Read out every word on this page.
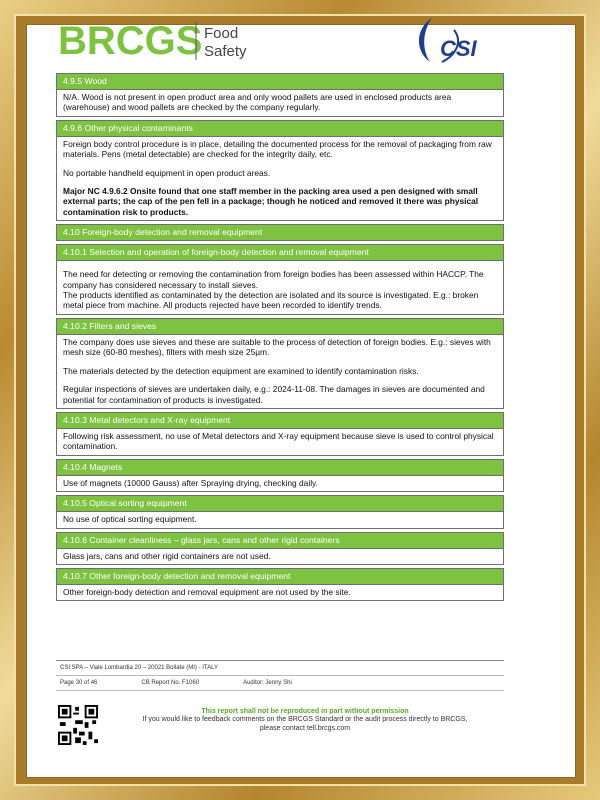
BRCGS Food
Safety	CSI
4.9.5 Wood

N/A. Wood is not present in open product area and only wood pallets are used in enclosed products area (warehouse) and wood pallets are checked by the company regularly.

4.9.6 Other physical contaminants

Foreign body control procedure is in place, detailing the documented process for the removal of packaging from raw materials. Pens (metal detectable) are checked for the integrity daily, etc.

No portable handheld equipment in open product areas.

Major NC 4.9.6.2 Onsite found that one staff member in the packing area used a pen designed with small external parts; the cap of the pen fell in a package; though he noticed and removed it there was physical contamination risk to products.

4.10 Foreign-body detection and removal equipment
4.10.1 Selection and operation of foreign-body detection and removal equipment

The need for detecting or removing the contamination from foreign bodies has been assessed within HACCP. The company has considered necessary to install sieves.

The products identified as contaminated by the detection are isolated and its source is investigated. E.g.: broken metal piece from machine. All products rejected have been recorded to identify trends.

4.10.2 Filters and sieves

The company does use sieves and these are suitable to the process of detection of foreign bodies. E.g.: sieves with mesh size (60-80 meshes), filters with mesh size 25µm.

The materials detected by the detection equipment are examined to identify contamination risks.

Regular inspections of sieves are undertaken daily, e.g.: 2024-11-08. The damages in sieves are documented and potential for contamination of products is investigated.

4.10.3 Metal detectors and X-ray equipment

Following risk assessment, no use of Metal detectors and X-ray equipment because sieve is used to control physical contamination.

4.10.4 Magnets

Use of magnets (10000 Gauss) after Spraying drying, checking daily.

4.10.5 Optical sorting equipment

No use of optical sorting equipment.

4.10.6 Container cleanliness – glass jars, cans and other rigid containers

Glass jars, cans and other rigid containers are not used.

4.10.7 Other foreign-body detection and removal equipment

Other foreign-body detection and removal equipment are not used by the site.

CSI SPA – Viale Lombardia 20 – 20021 Bollate (MI) - ITALY
Page 30 of 46	CB Report No. F1060	Auditor: Jenny Shi
This report shall not be reproduced in part without permission
If you would like to feedback comments on the BRCGS Standard or the audit process directly to BRCGS,
please contact tell.brcgs.com
